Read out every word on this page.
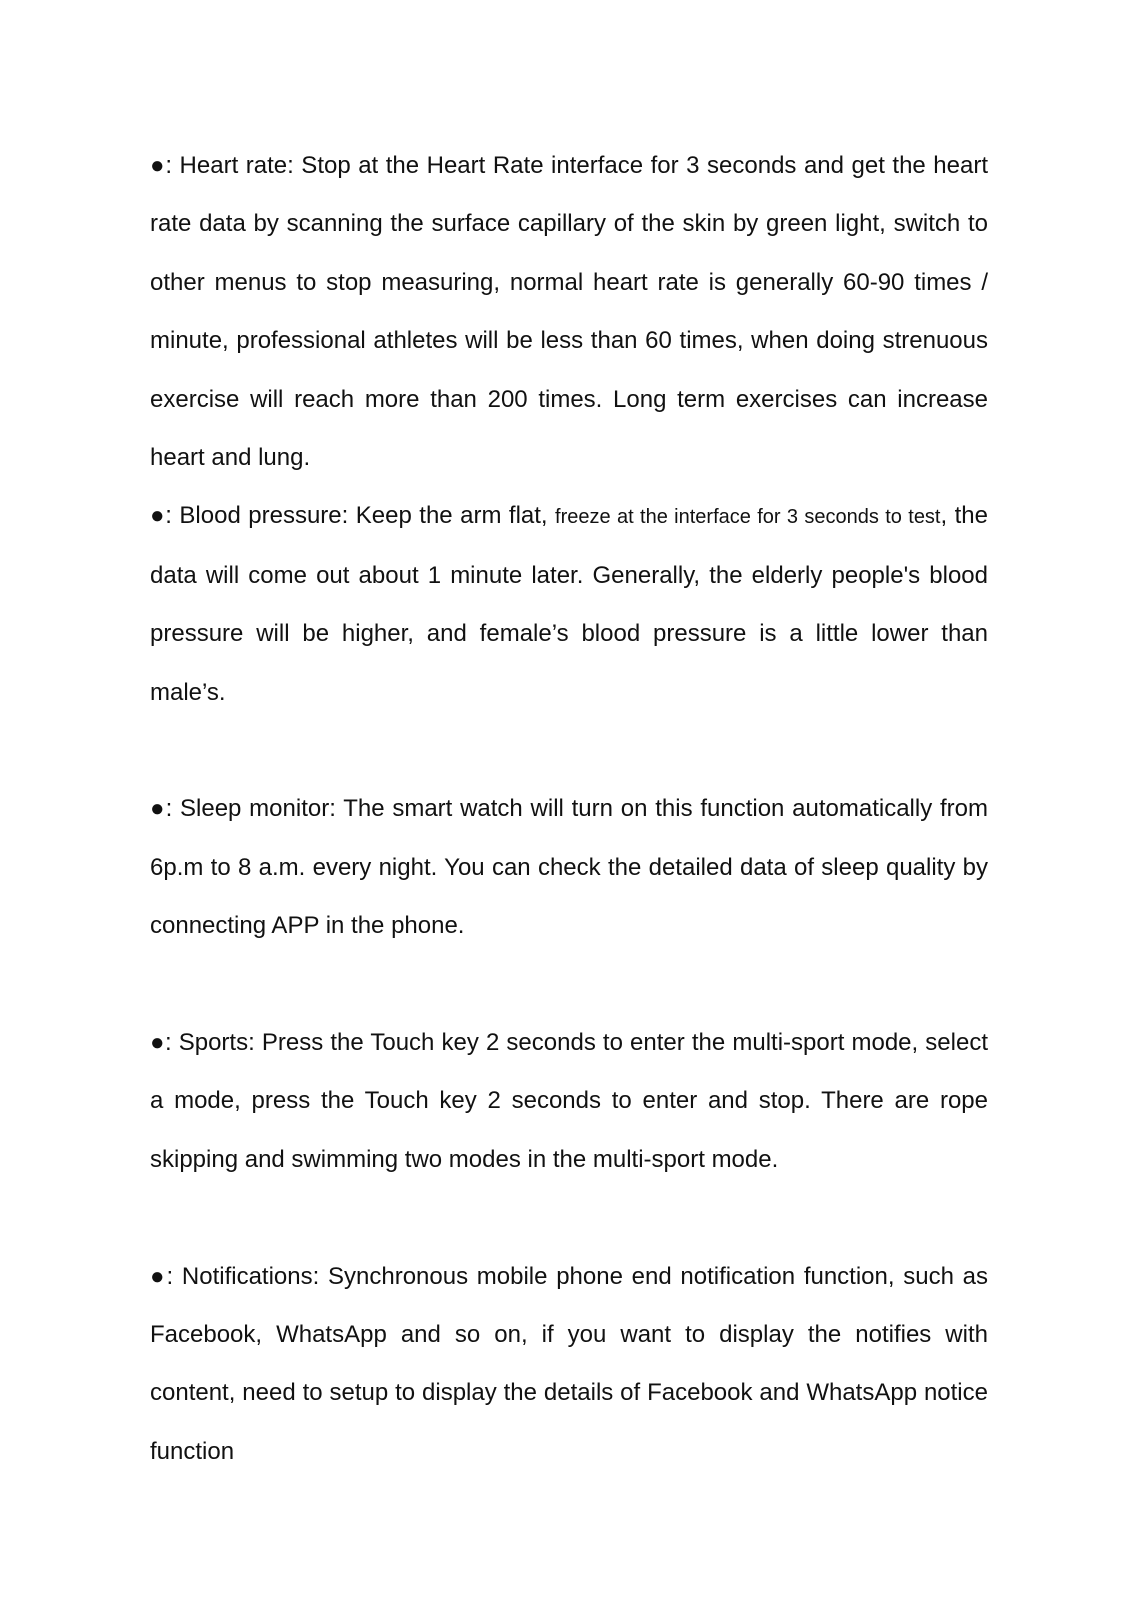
●: Heart rate: Stop at the Heart Rate interface for 3 seconds and get the heart rate data by scanning the surface capillary of the skin by green light, switch to other menus to stop measuring, normal heart rate is generally 60-90 times / minute, professional athletes will be less than 60 times, when doing strenuous exercise will reach more than 200 times. Long term exercises can increase heart and lung.

●: Blood pressure: Keep the arm flat, freeze at the interface for 3 seconds to test, the data will come out about 1 minute later. Generally, the elderly people's blood pressure will be higher, and female’s blood pressure is a little lower than male’s.

●: Sleep monitor: The smart watch will turn on this function automatically from 6p.m to 8 a.m. every night. You can check the detailed data of sleep quality by connecting APP in the phone.

●: Sports: Press the Touch key 2 seconds to enter the multi-sport mode, select a mode, press the Touch key 2 seconds to enter and stop. There are rope skipping and swimming two modes in the multi-sport mode.

●: Notifications: Synchronous mobile phone end notification function, such as Facebook, WhatsApp and so on, if you want to display the notifies with content, need to setup to display the details of Facebook and WhatsApp notice function
